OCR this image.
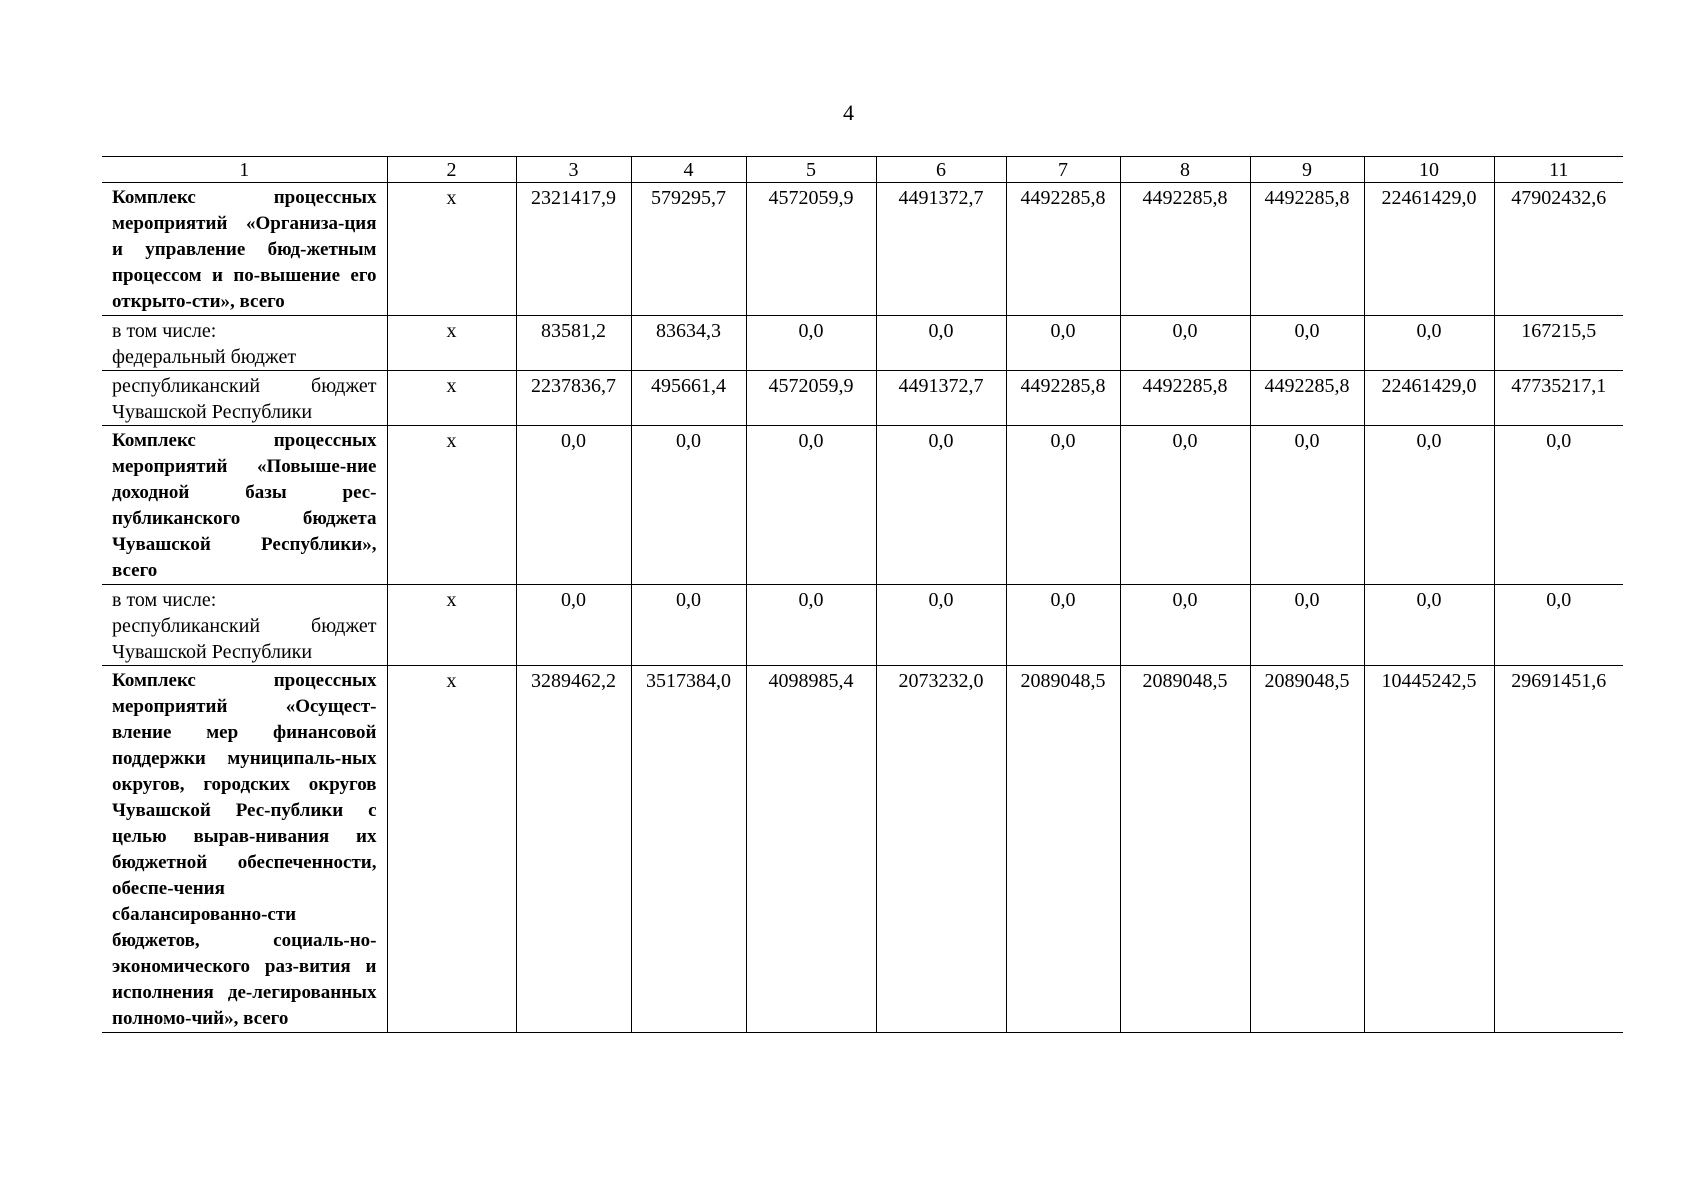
4
1	2	3	4	5	6	7	8	9	10	11
Комплекс процессных мероприятий «Организа-ция и управление бюд-жетным процессом и по-вышение его открыто-сти», всего	х	2321417,9	579295,7	4572059,9	4491372,7	4492285,8	4492285,8	4492285,8	22461429,0	47902432,6

в том числе:
федеральный бюджет	х	83581,2	83634,3	0,0	0,0	0,0	0,0	0,0	0,0	167215,5
республиканский бюджет Чувашской Республики	х	2237836,7	495661,4	4572059,9	4491372,7	4492285,8	4492285,8	4492285,8	22461429,0	47735217,1
Комплекс процессных мероприятий «Повыше-ние доходной базы рес-публиканского бюджета Чувашской Республики», всего	х	0,0	0,0	0,0	0,0	0,0	0,0	0,0	0,0	0,0

в том числе:
республиканский бюджет Чувашской Республики	х	0,0	0,0	0,0	0,0	0,0	0,0	0,0	0,0	0,0
Комплекс процессных мероприятий «Осущест-вление мер финансовой поддержки муниципаль-ных округов, городских округов Чувашской Рес-публики с целью вырав-нивания их бюджетной обеспеченности, обеспе-чения сбалансированно-сти бюджетов, социаль-но-экономического раз-вития и исполнения де-легированных полномо-чий», всего	х	3289462,2	3517384,0	4098985,4	2073232,0	2089048,5	2089048,5	2089048,5	10445242,5	29691451,6
